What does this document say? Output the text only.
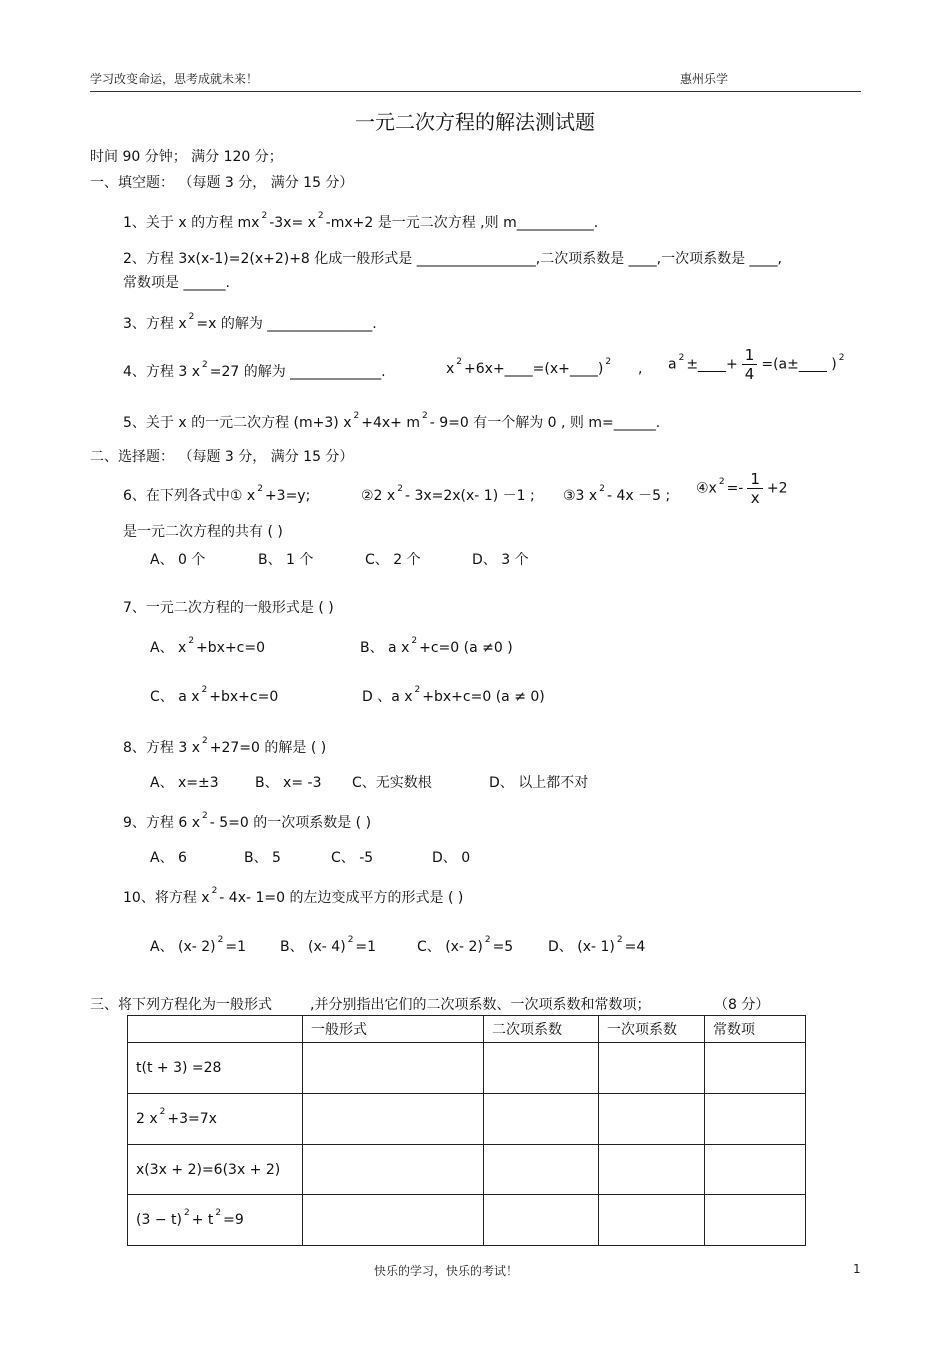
学习改变命运，思考成就未来！	惠州乐学
一元二次方程的解法测试题
时间 90 分钟； 满分 120 分；
一、填空题： （每题 3 分， 满分 15 分）
1、关于 x 的方程 mx $^2$ -3x= x $^2$ -mx+2 是一元二次方程 ,则 m___________.
2、方程 3x(x-1)=2(x+2)+8 化成一般形式是 _________________,二次项系数是 ____,一次项系数是 ____,
常数项是 ______.
3、方程 x $^2$ =x 的解为 _______________.
4、方程 3 x $^2$ =27 的解为 _____________.	x $^2$ +6x+____=(x+____) $^2$ , a $^2$ ±____+ $\frac{1}{4}$ =(a±____ ) $^2$
5、关于 x 的一元二次方程 (m+3) x $^2$ +4x+ m $^2$ - 9=0 有一个解为 0 , 则 m=______.
二、选择题： （每题 3 分， 满分 15 分）
6、在下列各式中① x $^2$ +3=y;	②2 x $^2$ - 3x=2x(x- 1) －1 ; ③3 x $^2$ - 4x －5 ; ④x $^2 =- \frac{1}{x} +2$
是一元二次方程的共有 ( )
A、 0 个	B、 1 个	C、 2 个	D、 3 个
7、一元二次方程的一般形式是 ( )
A、 x $^2$ +bx+c=0	B、 a x $^2$ +c=0 (a ≠0 )
C、 a x $^2$ +bx+c=0	D 、a x $^2$ +bx+c=0 (a ≠ 0)
8、方程 3 x $^2$ +27=0 的解是 ( )
A、 x=±3	B、 x= -3 C、无实数根	D、 以上都不对
9、方程 6 x $^2$ - 5=0 的一次项系数是 ( )
A、 6	B、 5	C、 -5	D、 0
10、将方程 x $^2$ - 4x- 1=0 的左边变成平方的形式是 ( )
A、 (x- 2) $^2$ =1 B、 (x- 4) $^2$ =1	C、 (x- 2) $^2$ =5 D、 (x- 1) $^2$ =4
三、将下列方程化为一般形式	,并分别指出它们的二次项系数、一次项系数和常数项；	（8 分）
	一般形式	二次项系数	一次项系数	常数项
t(t + 3) =28				
2 x $^2$ +3=7x				
x(3x + 2)=6(3x + 2)				
(3 − t) $^2$ + t $^2$ =9				
快乐的学习，快乐的考试！	1
